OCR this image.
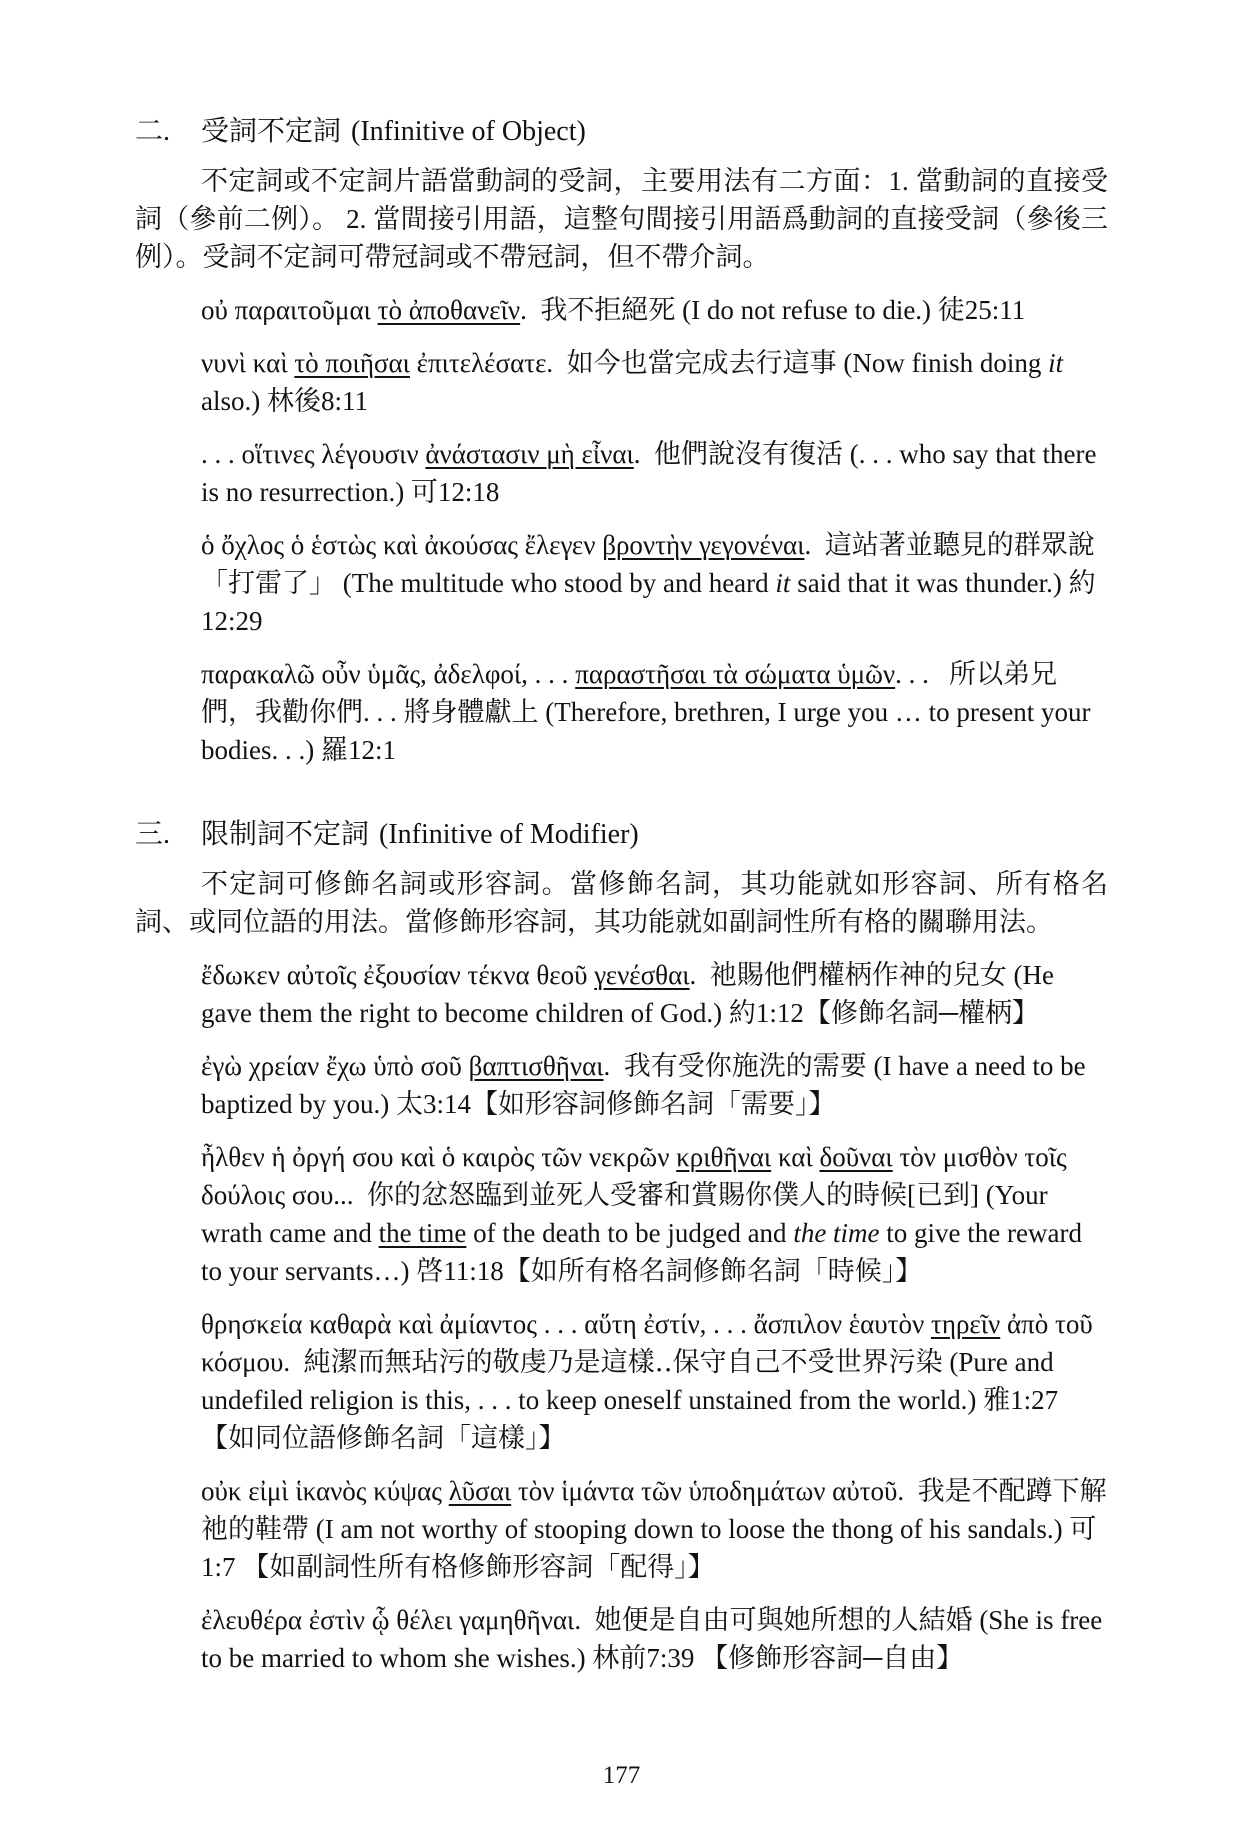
二. 受詞不定詞 (Infinitive of Object)

不定詞或不定詞片語當動詞的受詞，主要用法有二方面：1. 當動詞的直接受詞（參前二例）。 2. 當間接引用語，這整句間接引用語爲動詞的直接受詞（參後三例）。受詞不定詞可帶冠詞或不帶冠詞，但不帶介詞。

οὐ παραιτοῦμαι τὸ ἀποθανεῖν.  我不拒絕死 (I do not refuse to die.) 徒25:11

νυνὶ καὶ τὸ ποιῆσαι ἐπιτελέσατε.  如今也當完成去行這事 (Now finish doing it also.) 林後8:11

. . . οἵτινες λέγουσιν ἀνάστασιν μὴ εἶναι.  他們說沒有復活 (. . . who say that there is no resurrection.) 可12:18

ὁ ὄχλος ὁ ἑστὼς καὶ ἀκούσας ἔλεγεν βροντὴν γεγονέναι.  這站著並聽見的群眾說「打雷了」 (The multitude who stood by and heard it said that it was thunder.) 約12:29

παρακαλῶ οὖν ὑμᾶς, ἀδελφοί, . . . παραστῆσαι τὰ σώματα ὑμῶν. . .   所以弟兄們，我勸你們. . . 將身體獻上 (Therefore, brethren, I urge you … to present your bodies. . .) 羅12:1

三. 限制詞不定詞 (Infinitive of Modifier)

不定詞可修飾名詞或形容詞。當修飾名詞，其功能就如形容詞、所有格名詞、或同位語的用法。當修飾形容詞，其功能就如副詞性所有格的關聯用法。

ἔδωκεν αὐτοῖς ἐξουσίαν τέκνα θεοῦ γενέσθαι.  祂賜他們權柄作神的兒女 (He gave them the right to become children of God.) 約1:12【修飾名詞─權柄】

ἐγὼ χρείαν ἔχω ὑπὸ σοῦ βαπτισθῆναι.  我有受你施洗的需要 (I have a need to be baptized by you.) 太3:14【如形容詞修飾名詞「需要」】

ἦλθεν ἡ ὀργή σου καὶ ὁ καιρὸς τῶν νεκρῶν κριθῆναι καὶ δοῦναι τὸν μισθὸν τοῖς δούλοις σου...  你的忿怒臨到並死人受審和賞賜你僕人的時候[已到] (Your wrath came and the time of the death to be judged and the time to give the reward to your servants…) 啓11:18【如所有格名詞修飾名詞「時候」】

θρησκεία καθαρὰ καὶ ἀμίαντος . . . αὕτη ἐστίν, . . . ἄσπιλον ἑαυτὸν τηρεῖν ἀπὸ τοῦ κόσμου.  純潔而無玷污的敬虔乃是這樣‥保守自己不受世界污染 (Pure and undefiled religion is this, . . . to keep oneself unstained from the world.) 雅1:27 【如同位語修飾名詞「這樣」】

οὐκ εἰμὶ ἱκανὸς κύψας λῦσαι τὸν ἱμάντα τῶν ὑποδημάτων αὐτοῦ.  我是不配蹲下解祂的鞋帶 (I am not worthy of stooping down to loose the thong of his sandals.) 可1:7 【如副詞性所有格修飾形容詞「配得」】

ἐλευθέρα ἐστὶν ᾧ θέλει γαμηθῆναι.  她便是自由可與她所想的人結婚 (She is free to be married to whom she wishes.) 林前7:39 【修飾形容詞─自由】

177
